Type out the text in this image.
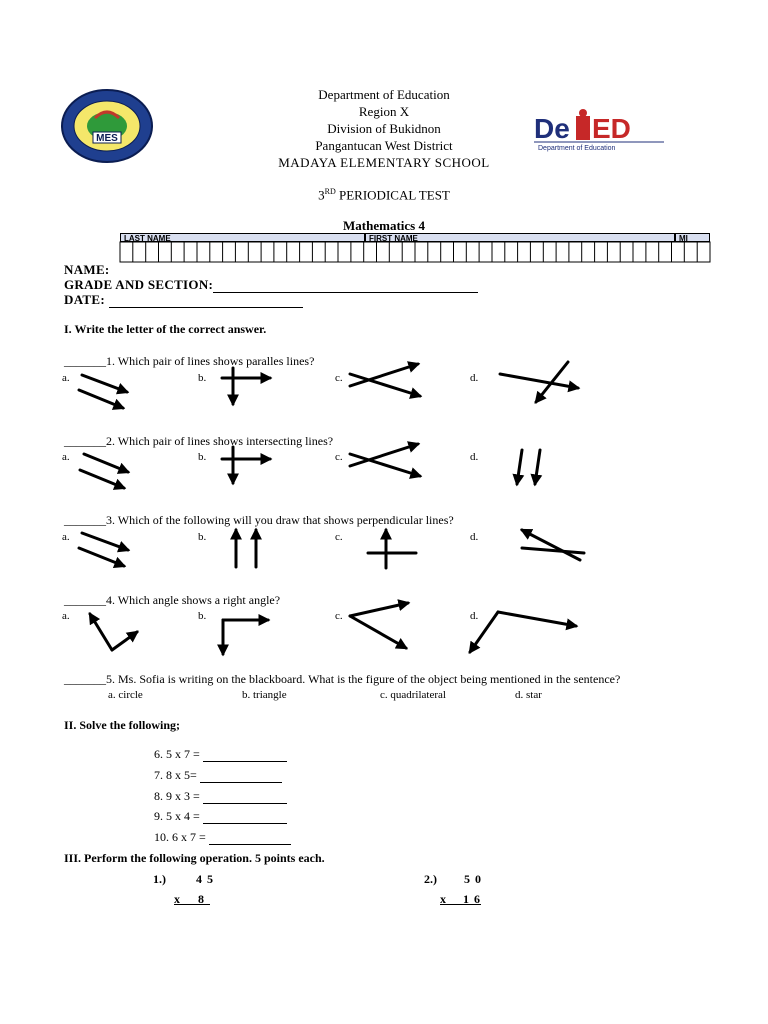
MES	De ED
Department of Education
Department of Education
Region X
Division of Bukidnon
Pangantucan West District
MADAYA ELEMENTARY SCHOOL
3RD PERIODICAL TEST
Mathematics 4
LAST NAME	FIRST NAME	MI
NAME:
GRADE AND SECTION:
DATE:
I. Write the letter of the correct answer.
_______1. Which pair of lines shows paralles lines?
a.	b.	c.	d.
_______2. Which pair of lines shows intersecting lines?
a.	b.	c.	d.
_______3. Which of the following will you draw that shows perpendicular lines?
a.	b.	c.	d.
_______4. Which angle shows a right angle?
a.	b.	c.	d.
_______5. Ms. Sofia is writing on the blackboard. What is the figure of the object being mentioned in the sentence?
a. circle	b. triangle	c. quadrilateral	d. star
II. Solve the following;
6. 5 x 7 =
7. 8 x 5=
8. 9 x 3 =
9. 5 x 4 =
10. 6 x 7 =
III. Perform the following operation. 5 points each.
1.)	4 5
x 8
2.) 5 0
x 1 6
